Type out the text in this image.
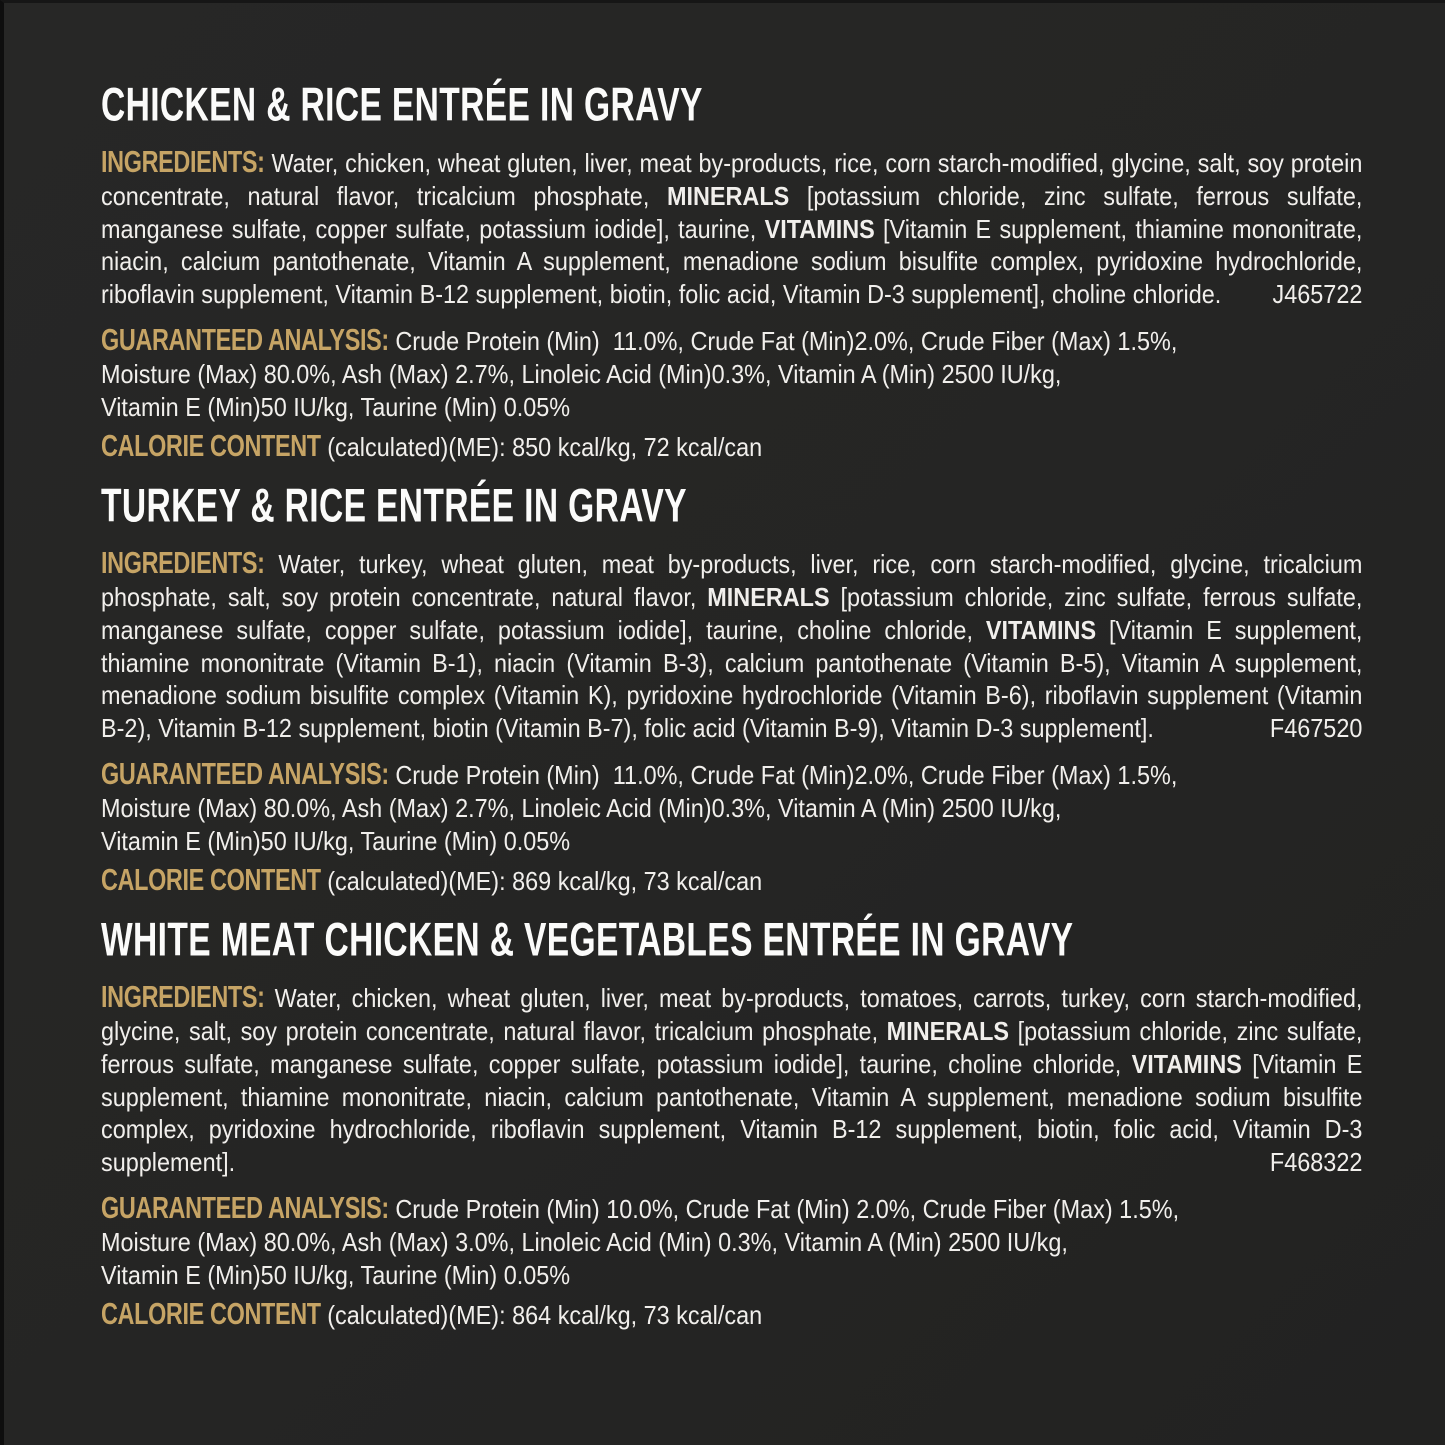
CHICKEN & RICE ENTRÉE IN GRAVY

INGREDIENTS: Water, chicken, wheat gluten, liver, meat by-products, rice, corn starch-modified, glycine, salt, soy protein concentrate, natural flavor, tricalcium phosphate, MINERALS [potassium chloride, zinc sulfate, ferrous sulfate, manganese sulfate, copper sulfate, potassium iodide], taurine, VITAMINS [Vitamin E supplement, thiamine mononitrate, niacin, calcium pantothenate, Vitamin A supplement, menadione sodium bisulfite complex, pyridoxine hydrochloride, riboflavin supplement, Vitamin B-12 supplement, biotin, folic acid, Vitamin D-3 supplement], choline chloride. J465722

GUARANTEED ANALYSIS: Crude Protein (Min)  11.0%, Crude Fat (Min)2.0%, Crude Fiber (Max) 1.5%,
Moisture (Max) 80.0%, Ash (Max) 2.7%, Linoleic Acid (Min)0.3%, Vitamin A (Min) 2500 IU/kg,
Vitamin E (Min)50 IU/kg, Taurine (Min) 0.05%
CALORIE CONTENT (calculated)(ME): 850 kcal/kg, 72 kcal/can
TURKEY & RICE ENTRÉE IN GRAVY

INGREDIENTS: Water, turkey, wheat gluten, meat by-products, liver, rice, corn starch-modified, glycine, tricalcium phosphate, salt, soy protein concentrate, natural flavor, MINERALS [potassium chloride, zinc sulfate, ferrous sulfate, manganese sulfate, copper sulfate, potassium iodide], taurine, choline chloride, VITAMINS [Vitamin E supplement, thiamine mononitrate (Vitamin B-1), niacin (Vitamin B-3), calcium pantothenate (Vitamin B-5), Vitamin A supplement, menadione sodium bisulfite complex (Vitamin K), pyridoxine hydrochloride (Vitamin B-6), riboflavin supplement (Vitamin B-2), Vitamin B-12 supplement, biotin (Vitamin B-7), folic acid (Vitamin B-9), Vitamin D-3 supplement].	F467520

GUARANTEED ANALYSIS: Crude Protein (Min)  11.0%, Crude Fat (Min)2.0%, Crude Fiber (Max) 1.5%,
Moisture (Max) 80.0%, Ash (Max) 2.7%, Linoleic Acid (Min)0.3%, Vitamin A (Min) 2500 IU/kg,
Vitamin E (Min)50 IU/kg, Taurine (Min) 0.05%
CALORIE CONTENT (calculated)(ME): 869 kcal/kg, 73 kcal/can
WHITE MEAT CHICKEN & VEGETABLES ENTRÉE IN GRAVY

INGREDIENTS: Water, chicken, wheat gluten, liver, meat by-products, tomatoes, carrots, turkey, corn starch-modified, glycine, salt, soy protein concentrate, natural flavor, tricalcium phosphate, MINERALS [potassium chloride, zinc sulfate, ferrous sulfate, manganese sulfate, copper sulfate, potassium iodide], taurine, choline chloride, VITAMINS [Vitamin E supplement, thiamine mononitrate, niacin, calcium pantothenate, Vitamin A supplement, menadione sodium bisulfite complex, pyridoxine hydrochloride, riboflavin supplement, Vitamin B-12 supplement, biotin, folic acid, Vitamin D-3 supplement].	F468322

GUARANTEED ANALYSIS: Crude Protein (Min) 10.0%, Crude Fat (Min) 2.0%, Crude Fiber (Max) 1.5%,
Moisture (Max) 80.0%, Ash (Max) 3.0%, Linoleic Acid (Min) 0.3%, Vitamin A (Min) 2500 IU/kg,
Vitamin E (Min)50 IU/kg, Taurine (Min) 0.05%
CALORIE CONTENT (calculated)(ME): 864 kcal/kg, 73 kcal/can
